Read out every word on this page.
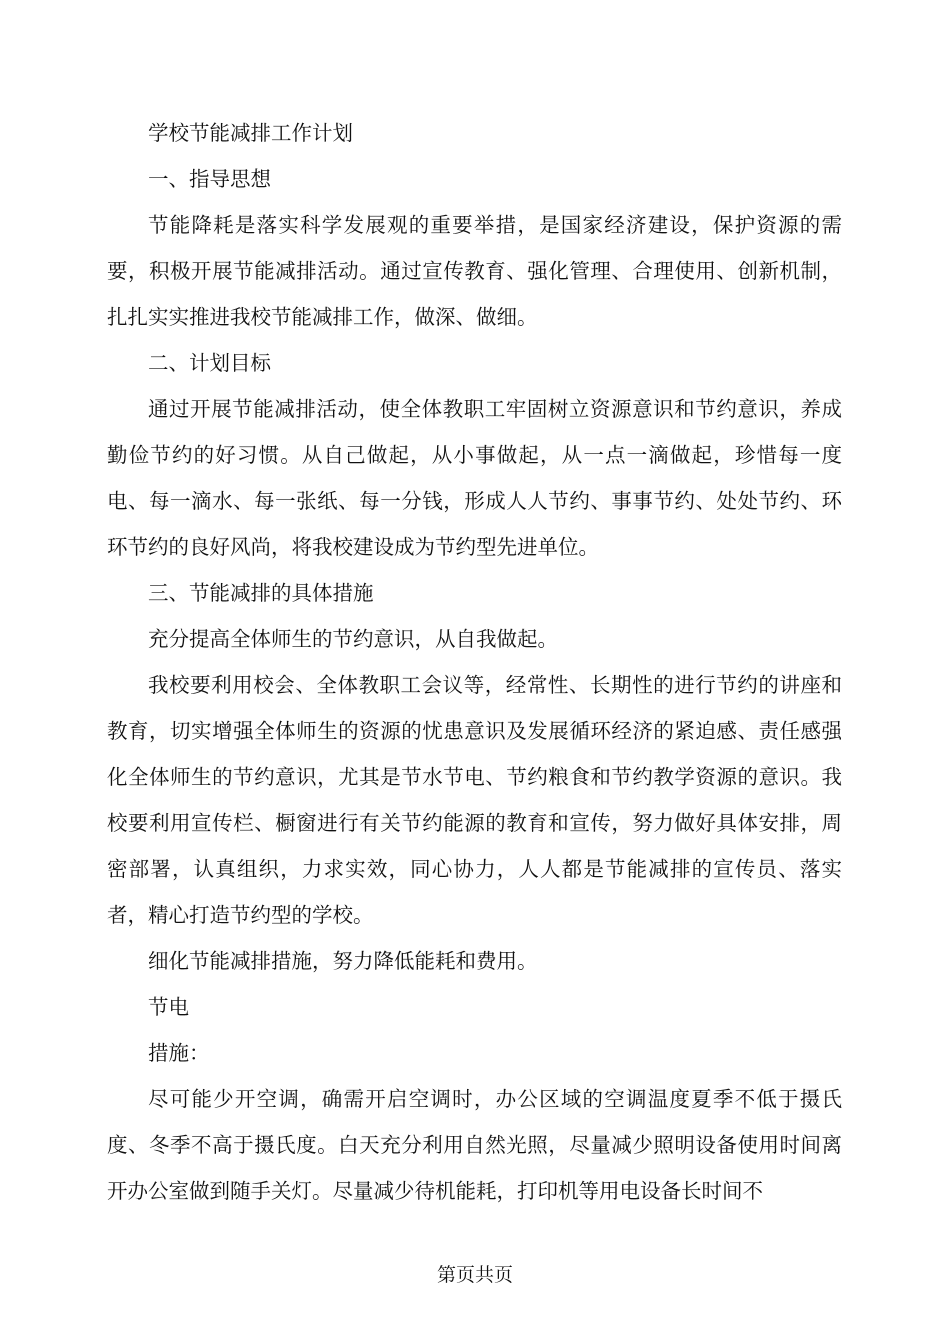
学校节能减排工作计划

一、指导思想

节能降耗是落实科学发展观的重要举措，是国家经济建设，保护资源的需要，积极开展节能减排活动。通过宣传教育、强化管理、合理使用、创新机制，扎扎实实推进我校节能减排工作，做深、做细。

二、计划目标

通过开展节能减排活动，使全体教职工牢固树立资源意识和节约意识，养成勤俭节约的好习惯。从自己做起，从小事做起，从一点一滴做起，珍惜每一度电、每一滴水、每一张纸、每一分钱，形成人人节约、事事节约、处处节约、环环节约的良好风尚，将我校建设成为节约型先进单位。

三、节能减排的具体措施

充分提高全体师生的节约意识，从自我做起。

我校要利用校会、全体教职工会议等，经常性、长期性的进行节约的讲座和教育，切实增强全体师生的资源的忧患意识及发展循环经济的紧迫感、责任感强化全体师生的节约意识，尤其是节水节电、节约粮食和节约教学资源的意识。我校要利用宣传栏、橱窗进行有关节约能源的教育和宣传，努力做好具体安排，周密部署，认真组织，力求实效，同心协力，人人都是节能减排的宣传员、落实者，精心打造节约型的学校。

细化节能减排措施，努力降低能耗和费用。

节电

措施：

尽可能少开空调，确需开启空调时，办公区域的空调温度夏季不低于摄氏度、冬季不高于摄氏度。白天充分利用自然光照，尽量减少照明设备使用时间离开办公室做到随手关灯。尽量减少待机能耗，打印机等用电设备长时间不

第页共页
